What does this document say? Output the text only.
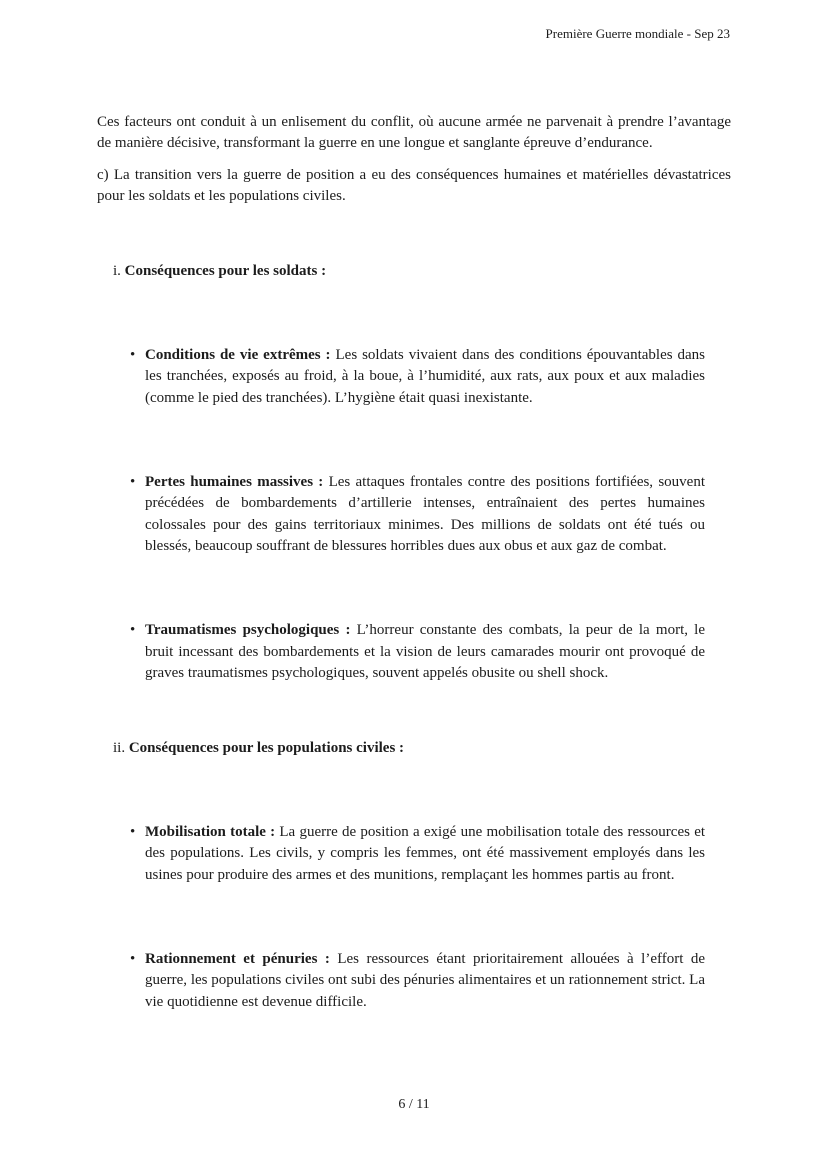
Première Guerre mondiale - Sep 23

Ces facteurs ont conduit à un enlisement du conflit, où aucune armée ne parvenait à prendre l’avantage de manière décisive, transformant la guerre en une longue et sanglante épreuve d’endurance.

c) La transition vers la guerre de position a eu des conséquences humaines et matérielles dévastatrices pour les soldats et les populations civiles.

i. Conséquences pour les soldats :
• Conditions de vie extrêmes : Les soldats vivaient dans des conditions épouvantables dans les tranchées, exposés au froid, à la boue, à l’humidité, aux rats, aux poux et aux maladies (comme le pied des tranchées). L’hygiène était quasi inexistante.
• Pertes humaines massives : Les attaques frontales contre des positions fortifiées, souvent précédées de bombardements d’artillerie intenses, entraînaient des pertes humaines colossales pour des gains territoriaux minimes. Des millions de soldats ont été tués ou blessés, beaucoup souffrant de blessures horribles dues aux obus et aux gaz de combat.
• Traumatismes psychologiques : L’horreur constante des combats, la peur de la mort, le bruit incessant des bombardements et la vision de leurs camarades mourir ont provoqué de graves traumatismes psychologiques, souvent appelés obusite ou shell shock.
ii. Conséquences pour les populations civiles :
• Mobilisation totale : La guerre de position a exigé une mobilisation totale des ressources et des populations. Les civils, y compris les femmes, ont été massivement employés dans les usines pour produire des armes et des munitions, remplaçant les hommes partis au front.
• Rationnement et pénuries : Les ressources étant prioritairement allouées à l’effort de guerre, les populations civiles ont subi des pénuries alimentaires et un rationnement strict. La vie quotidienne est devenue difficile.
6 / 11
